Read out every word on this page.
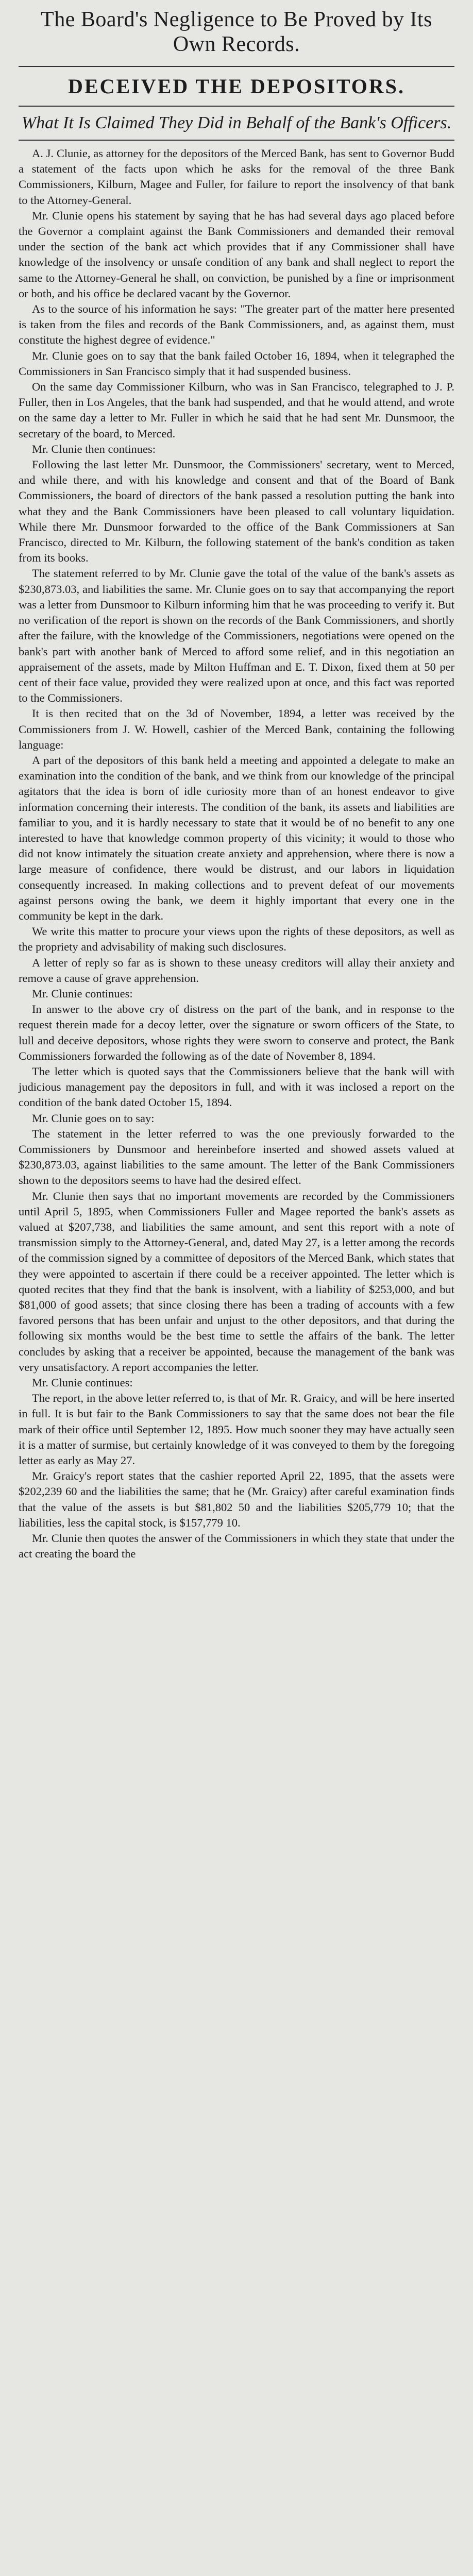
The Board's Negligence to Be Proved by Its Own Records.
DECEIVED THE DEPOSITORS.
What It Is Claimed They Did in Behalf of the Bank's Officers.

A. J. Clunie, as attorney for the depositors of the Merced Bank, has sent to Governor Budd a statement of the facts upon which he asks for the removal of the three Bank Commissioners, Kilburn, Magee and Fuller, for failure to report the insolvency of that bank to the Attorney-General.

Mr. Clunie opens his statement by saying that he has had several days ago placed before the Governor a complaint against the Bank Commissioners and demanded their removal under the section of the bank act which provides that if any Commissioner shall have knowledge of the insolvency or unsafe condition of any bank and shall neglect to report the same to the Attorney-General he shall, on conviction, be punished by a fine or imprisonment or both, and his office be declared vacant by the Governor.

As to the source of his information he says: "The greater part of the matter here presented is taken from the files and records of the Bank Commissioners, and, as against them, must constitute the highest degree of evidence."

Mr. Clunie goes on to say that the bank failed October 16, 1894, when it telegraphed the Commissioners in San Francisco simply that it had suspended business.

On the same day Commissioner Kilburn, who was in San Francisco, telegraphed to J. P. Fuller, then in Los Angeles, that the bank had suspended, and that he would attend, and wrote on the same day a letter to Mr. Fuller in which he said that he had sent Mr. Dunsmoor, the secretary of the board, to Merced.

Mr. Clunie then continues:

Following the last letter Mr. Dunsmoor, the Commissioners' secretary, went to Merced, and while there, and with his knowledge and consent and that of the Board of Bank Commissioners, the board of directors of the bank passed a resolution putting the bank into what they and the Bank Commissioners have been pleased to call voluntary liquidation. While there Mr. Dunsmoor forwarded to the office of the Bank Commissioners at San Francisco, directed to Mr. Kilburn, the following statement of the bank's condition as taken from its books.

The statement referred to by Mr. Clunie gave the total of the value of the bank's assets as $230,873.03, and liabilities the same. Mr. Clunie goes on to say that accompanying the report was a letter from Dunsmoor to Kilburn informing him that he was proceeding to verify it. But no verification of the report is shown on the records of the Bank Commissioners, and shortly after the failure, with the knowledge of the Commissioners, negotiations were opened on the bank's part with another bank of Merced to afford some relief, and in this negotiation an appraisement of the assets, made by Milton Huffman and E. T. Dixon, fixed them at 50 per cent of their face value, provided they were realized upon at once, and this fact was reported to the Commissioners.

It is then recited that on the 3d of November, 1894, a letter was received by the Commissioners from J. W. Howell, cashier of the Merced Bank, containing the following language:

A part of the depositors of this bank held a meeting and appointed a delegate to make an examination into the condition of the bank, and we think from our knowledge of the principal agitators that the idea is born of idle curiosity more than of an honest endeavor to give information concerning their interests. The condition of the bank, its assets and liabilities are familiar to you, and it is hardly necessary to state that it would be of no benefit to any one interested to have that knowledge common property of this vicinity; it would to those who did not know intimately the situation create anxiety and apprehension, where there is now a large measure of confidence, there would be distrust, and our labors in liquidation consequently increased. In making collections and to prevent defeat of our movements against persons owing the bank, we deem it highly important that every one in the community be kept in the dark.

We write this matter to procure your views upon the rights of these depositors, as well as the propriety and advisability of making such disclosures.

A letter of reply so far as is shown to these uneasy creditors will allay their anxiety and remove a cause of grave apprehension.

Mr. Clunie continues:

In answer to the above cry of distress on the part of the bank, and in response to the request therein made for a decoy letter, over the signature or sworn officers of the State, to lull and deceive depositors, whose rights they were sworn to conserve and protect, the Bank Commissioners forwarded the following as of the date of November 8, 1894.

The letter which is quoted says that the Commissioners believe that the bank will with judicious management pay the depositors in full, and with it was inclosed a report on the condition of the bank dated October 15, 1894.

Mr. Clunie goes on to say:

The statement in the letter referred to was the one previously forwarded to the Commissioners by Dunsmoor and hereinbefore inserted and showed assets valued at $230,873.03, against liabilities to the same amount. The letter of the Bank Commissioners shown to the depositors seems to have had the desired effect.

Mr. Clunie then says that no important movements are recorded by the Commissioners until April 5, 1895, when Commissioners Fuller and Magee reported the bank's assets as valued at $207,738, and liabilities the same amount, and sent this report with a note of transmission simply to the Attorney-General, and, dated May 27, is a letter among the records of the commission signed by a committee of depositors of the Merced Bank, which states that they were appointed to ascertain if there could be a receiver appointed. The letter which is quoted recites that they find that the bank is insolvent, with a liability of $253,000, and but $81,000 of good assets; that since closing there has been a trading of accounts with a few favored persons that has been unfair and unjust to the other depositors, and that during the following six months would be the best time to settle the affairs of the bank. The letter concludes by asking that a receiver be appointed, because the management of the bank was very unsatisfactory. A report accompanies the letter.

Mr. Clunie continues:

The report, in the above letter referred to, is that of Mr. R. Graicy, and will be here inserted in full. It is but fair to the Bank Commissioners to say that the same does not bear the file mark of their office until September 12, 1895. How much sooner they may have actually seen it is a matter of surmise, but certainly knowledge of it was conveyed to them by the foregoing letter as early as May 27.

Mr. Graicy's report states that the cashier reported April 22, 1895, that the assets were $202,239 60 and the liabilities the same; that he (Mr. Graicy) after careful examination finds that the value of the assets is but $81,802 50 and the liabilities $205,779 10; that the liabilities, less the capital stock, is $157,779 10.

Mr. Clunie then quotes the answer of the Commissioners in which they state that under the act creating the board the
